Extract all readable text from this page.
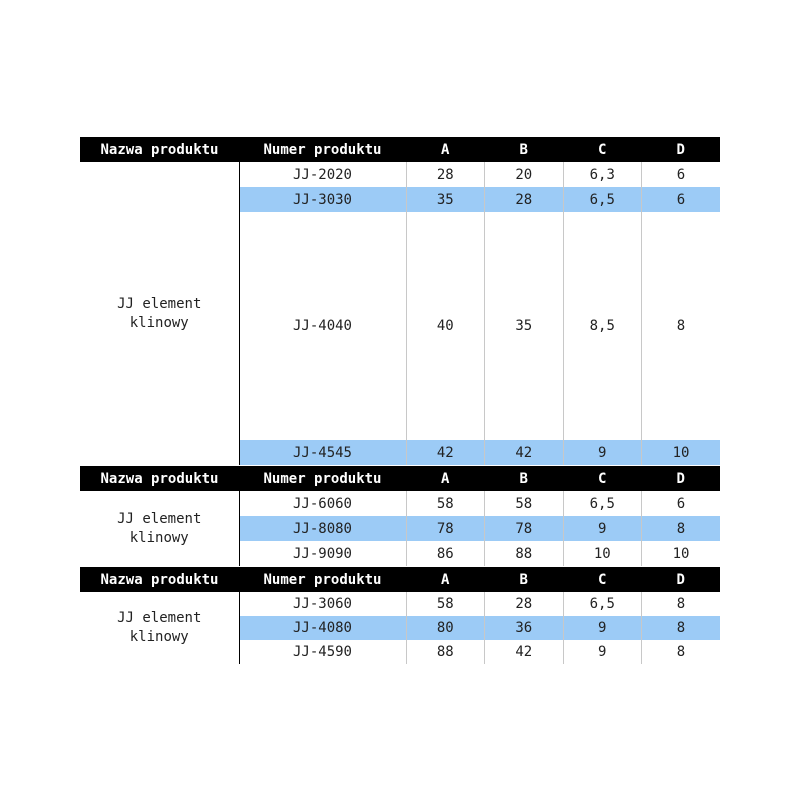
Nazwa produktu	Numer produktu	A	B	C	D
JJ element
klinowy	JJ-2020	28	20	6,3	6
	JJ-3030	35	28	6,5	6
	JJ-4040	40	35	8,5	8
	JJ-4545	42	42	9	10
Nazwa produktu	Numer produktu	A	B	C	D
JJ element
klinowy	JJ-6060	58	58	6,5	6
	JJ-8080	78	78	9	8
	JJ-9090	86	88	10	10
Nazwa produktu	Numer produktu	A	B	C	D
JJ element
klinowy	JJ-3060	58	28	6,5	8
	JJ-4080	80	36	9	8
	JJ-4590	88	42	9	8
